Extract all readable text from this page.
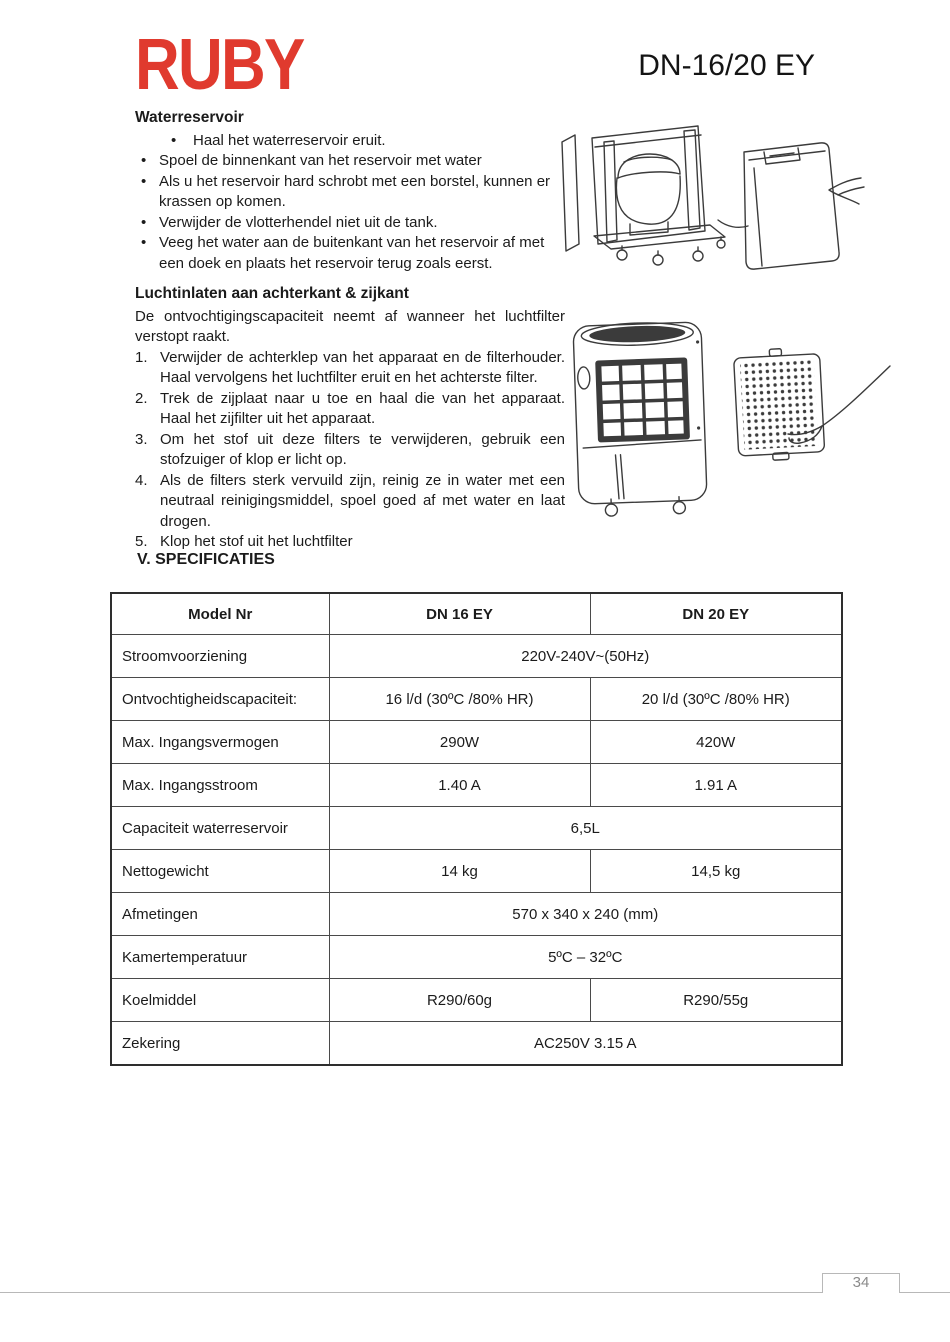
RUBY	DN-16/20 EY

Waterreservoir

•	Haal het waterreservoir eruit.
• Spoel de binnenkant van het reservoir met water
• Als u het reservoir hard schrobt met een borstel, kunnen er krassen op komen.
• Verwijder de vlotterhendel niet uit de tank.
• Veeg het water aan de buitenkant van het reservoir af met een doek en plaats het reservoir terug zoals eerst.

Luchtinlaten aan achterkant & zijkant

De ontvochtigingscapaciteit neemt af wanneer het luchtfilter verstopt raakt.

1. Verwijder de achterklep van het apparaat en de filterhouder. Haal vervolgens het luchtfilter eruit en het achterste filter.
2. Trek de zijplaat naar u toe en haal die van het apparaat. Haal het zijfilter uit het apparaat.
3. Om het stof uit deze filters te verwijderen, gebruik een stofzuiger of klop er licht op.
4. Als de filters sterk vervuild zijn, reinig ze in water met een neutraal reinigingsmiddel, spoel goed af met water en laat drogen.
5. Klop het stof uit het luchtfilter
V. SPECIFICATIES
Model Nr	DN 16 EY	DN 20 EY
Stroomvoorziening	220V-240V~(50Hz)	
Ontvochtigheidscapaciteit:	16 l/d (30ºC /80% HR)	20 l/d (30ºC /80% HR)
Max. Ingangsvermogen	290W	420W
Max. Ingangsstroom	1.40 A	1.91 A
Capaciteit waterreservoir	6,5L	
Nettogewicht	14 kg	14,5 kg
Afmetingen	570 x 340 x 240 (mm)	
Kamertemperatuur	5ºC – 32ºC	
Koelmiddel	R290/60g	R290/55g
Zekering	AC250V 3.15 A	
34
